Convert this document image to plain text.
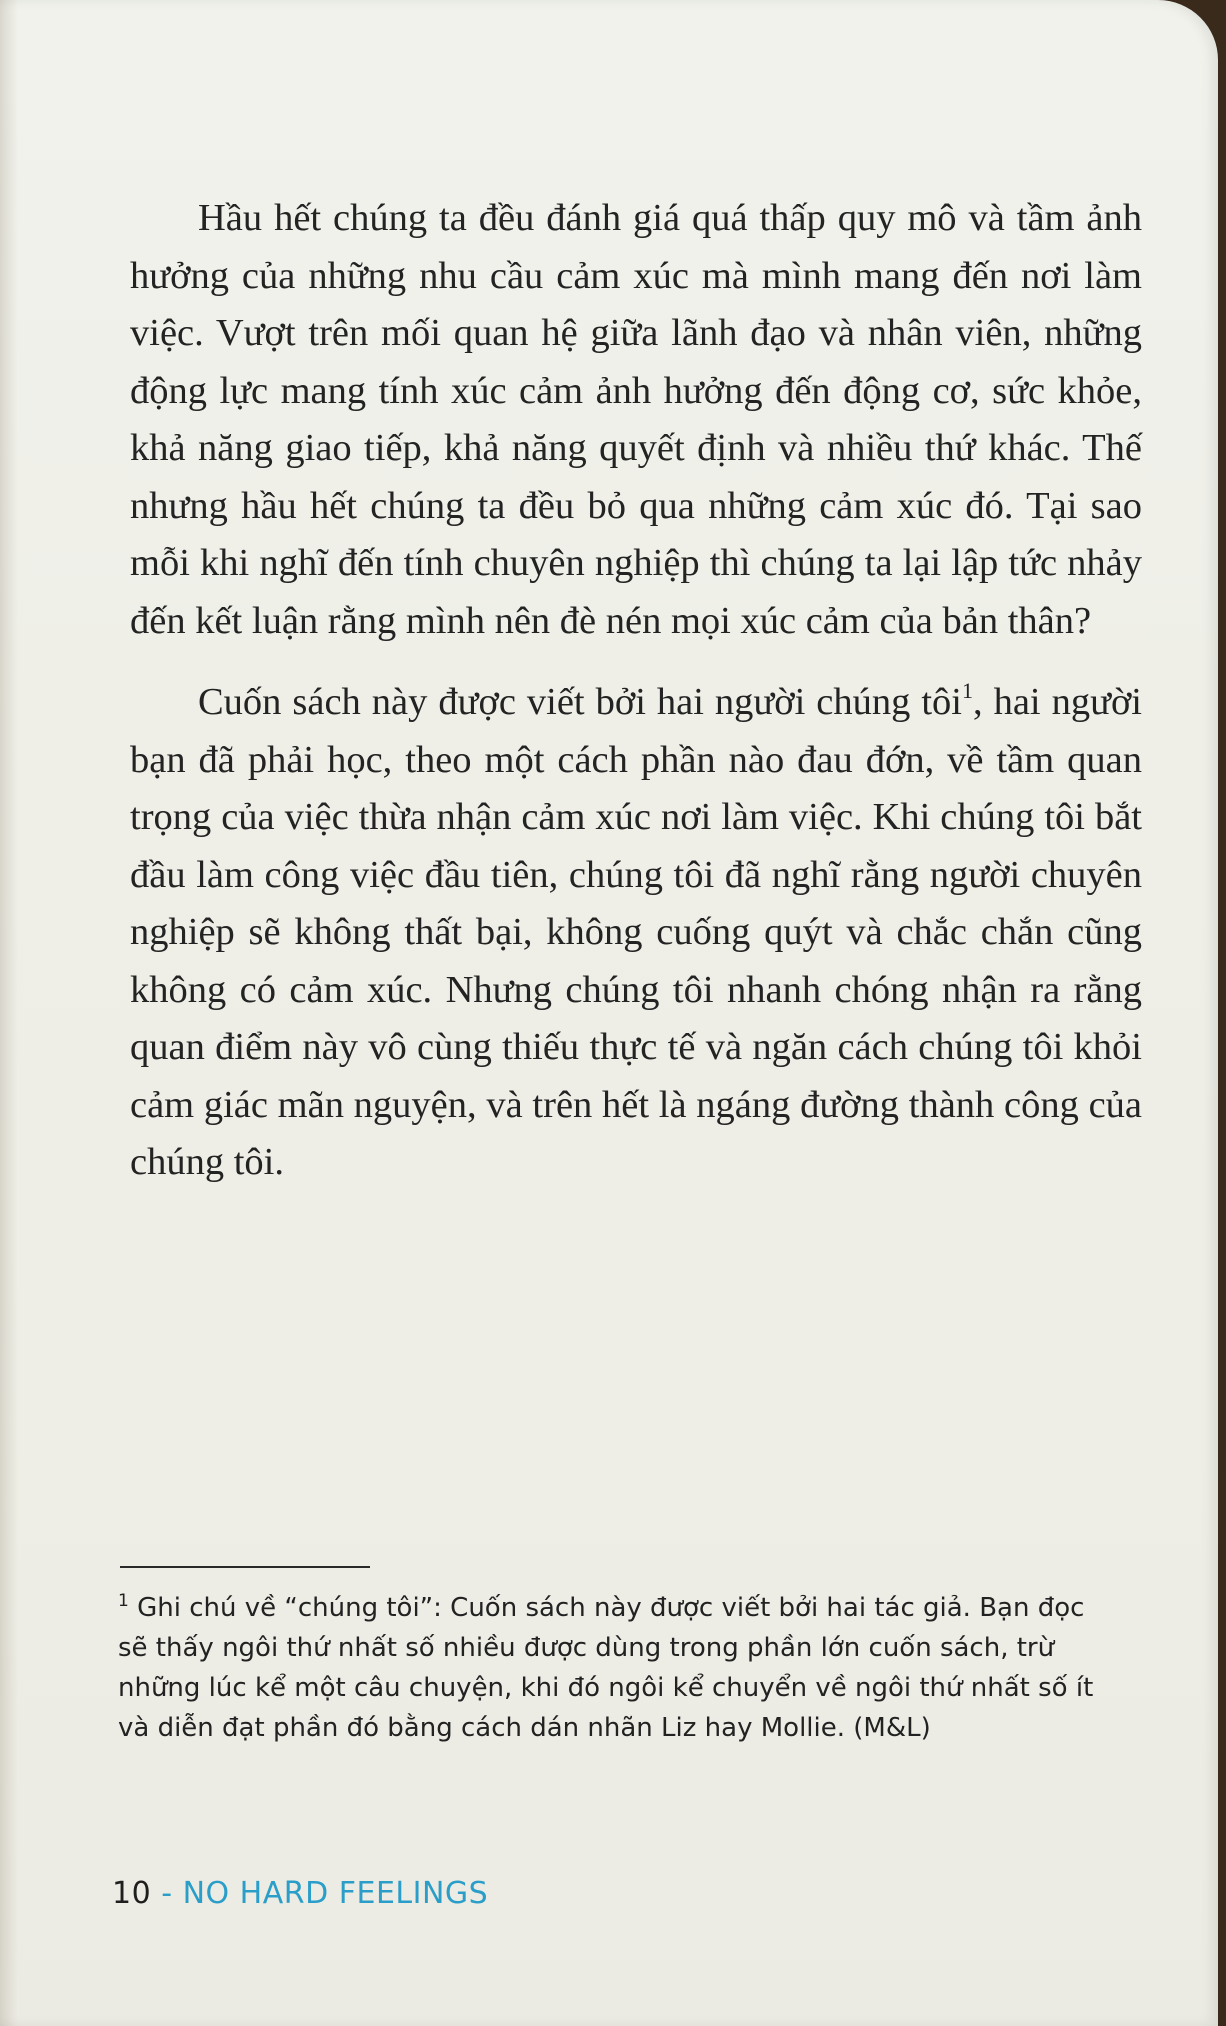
Hầu hết chúng ta đều đánh giá quá thấp quy mô và tầm ảnh hưởng của những nhu cầu cảm xúc mà mình mang đến nơi làm việc. Vượt trên mối quan hệ giữa lãnh đạo và nhân viên, những động lực mang tính xúc cảm ảnh hưởng đến động cơ, sức khỏe, khả năng giao tiếp, khả năng quyết định và nhiều thứ khác. Thế nhưng hầu hết chúng ta đều bỏ qua những cảm xúc đó. Tại sao mỗi khi nghĩ đến tính chuyên nghiệp thì chúng ta lại lập tức nhảy đến kết luận rằng mình nên đè nén mọi xúc cảm của bản thân?

Cuốn sách này được viết bởi hai người chúng tôi$^1$, hai người bạn đã phải học, theo một cách phần nào đau đớn, về tầm quan trọng của việc thừa nhận cảm xúc nơi làm việc. Khi chúng tôi bắt đầu làm công việc đầu tiên, chúng tôi đã nghĩ rằng người chuyên nghiệp sẽ không thất bại, không cuống quýt và chắc chắn cũng không có cảm xúc. Nhưng chúng tôi nhanh chóng nhận ra rằng quan điểm này vô cùng thiếu thực tế và ngăn cách chúng tôi khỏi cảm giác mãn nguyện, và trên hết là ngáng đường thành công của chúng tôi.

$^1$ Ghi chú về “chúng tôi”: Cuốn sách này được viết bởi hai tác giả. Bạn đọc sẽ thấy ngôi thứ nhất số nhiều được dùng trong phần lớn cuốn sách, trừ những lúc kể một câu chuyện, khi đó ngôi kể chuyển về ngôi thứ nhất số ít và diễn đạt phần đó bằng cách dán nhãn Liz hay Mollie. (M&L)
10 - NO HARD FEELINGS
